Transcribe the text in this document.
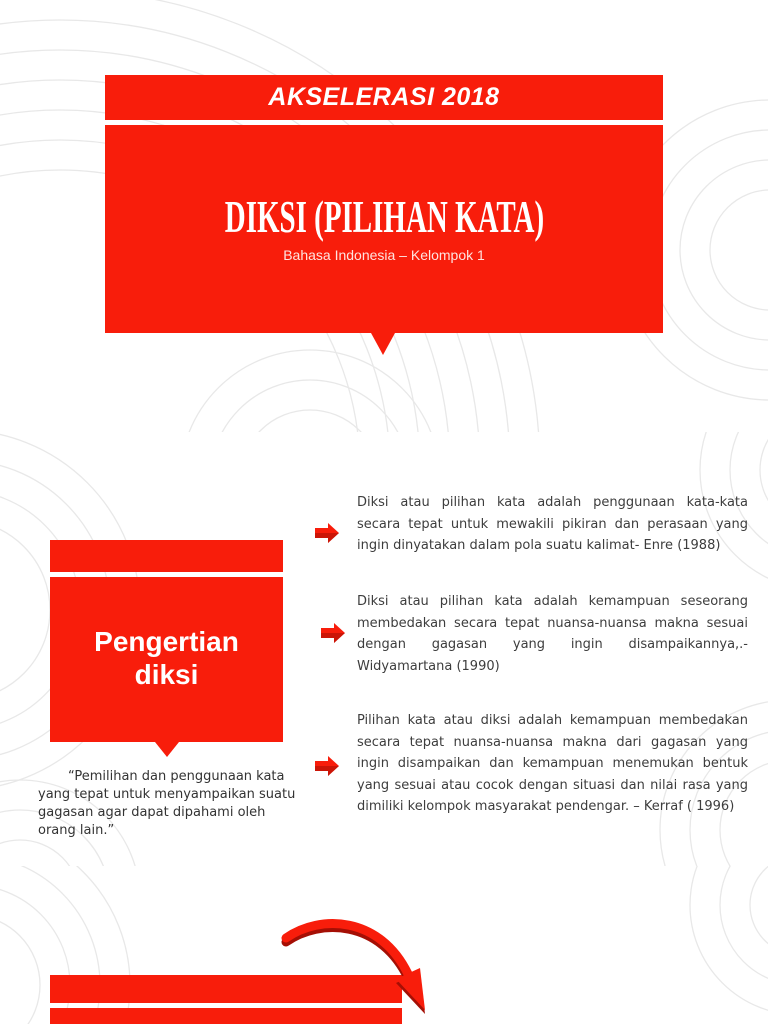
AKSELERASI 2018
DIKSI (PILIHAN KATA)
Bahasa Indonesia – Kelompok 1
Pengertian diksi

“Pemilihan dan penggunaan kata yang tepat untuk menyampaikan suatu gagasan agar dapat dipahami oleh orang lain.”

Diksi atau pilihan kata adalah penggunaan kata-kata secara tepat untuk mewakili pikiran dan perasaan yang ingin dinyatakan dalam pola suatu kalimat- Enre (1988)

Diksi atau pilihan kata adalah kemampuan seseorang membedakan secara tepat nuansa-nuansa makna sesuai dengan gagasan yang ingin disampaikannya,.- Widyamartana (1990)

Pilihan kata atau diksi adalah kemampuan membedakan secara tepat nuansa-nuansa makna dari gagasan yang ingin disampaikan dan kemampuan menemukan bentuk yang sesuai atau cocok dengan situasi dan nilai rasa yang dimiliki kelompok masyarakat pendengar. – Kerraf ( 1996)
